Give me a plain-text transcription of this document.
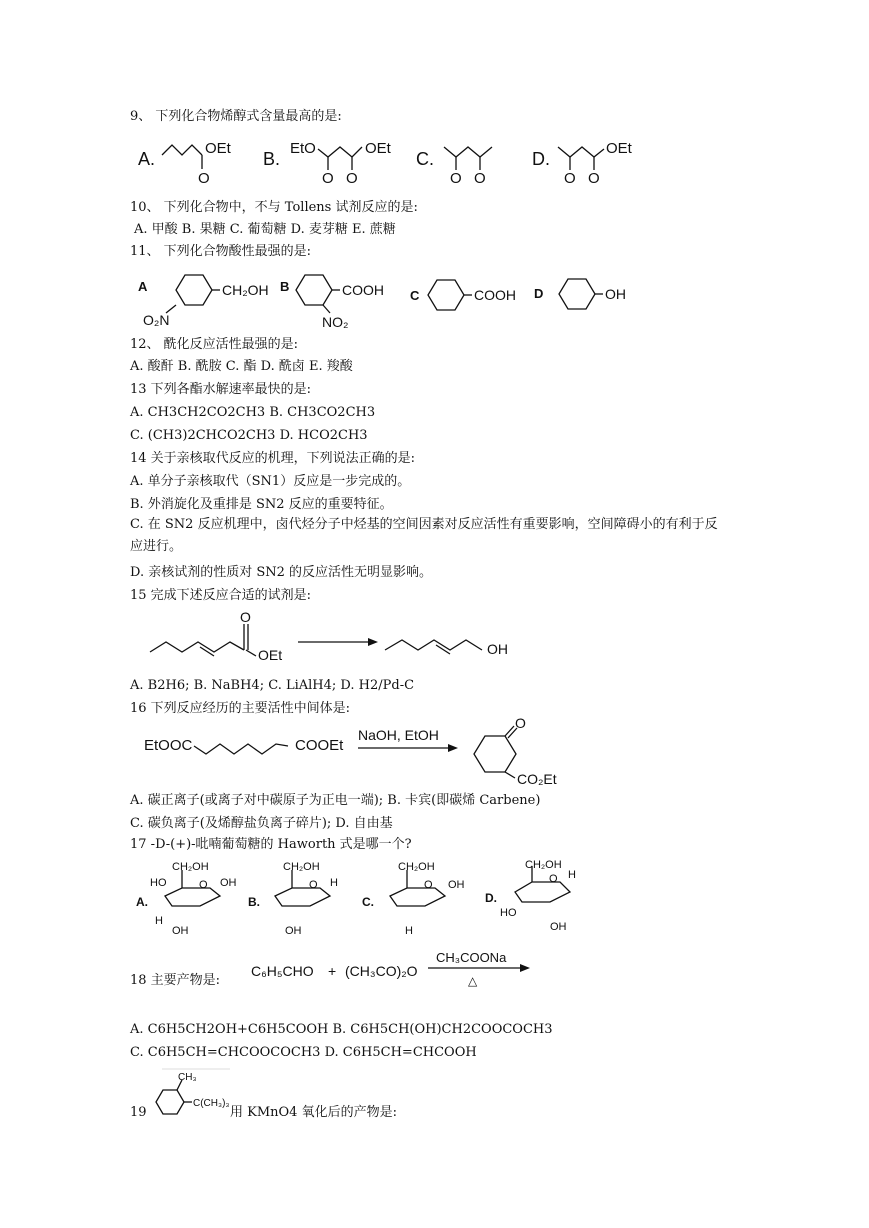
9、 下列化合物烯醇式含量最高的是:
A.
OEt
O
B.
EtO
O O
OEt
C.
O O
D.
O O
OEt
10、 下列化合物中，不与 Tollens 试剂反应的是:
A. 甲酸 B. 果糖 C. 葡萄糖 D. 麦芽糖 E. 蔗糖
11、 下列化合物酸性最强的是:
A	CH₂OH
O₂N
B	COOH
NO₂
C	COOH D	OH
12、 酰化反应活性最强的是:
A. 酸酐 B. 酰胺 C. 酯 D. 酰卤 E. 羧酸
13 下列各酯水解速率最快的是:
A. CH3CH2CO2CH3 B. CH3CO2CH3
C. (CH3)2CHCO2CH3 D. HCO2CH3
14 关于亲核取代反应的机理，下列说法正确的是:
A. 单分子亲核取代（SN1）反应是一步完成的。
B. 外消旋化及重排是 SN2 反应的重要特征。
C. 在 SN2 反应机理中，卤代烃分子中烃基的空间因素对反应活性有重要影响，空间障碍小的有利于反应进行。
D. 亲核试剂的性质对 SN2 的反应活性无明显影响。
15 完成下述反应合适的试剂是:
O
OEt	OH
A. B2H6; B. NaBH4; C. LiAlH4; D. H2/Pd-C
16 下列反应经历的主要活性中间体是:
EtOOC	COOEt
NaOH, EtOH
O
CO₂Et
A. 碳正离子(或离子对中碳原子为正电一端); B. 卡宾(即碳烯 Carbene)
C. 碳负离子(及烯醇盐负离子碎片); D. 自由基
17 -D-(+)-吡喃葡萄糖的 Haworth 式是哪一个?
A.
CH₂OH
O OH
HO
H
OH
B.
CH₂OH
O H
OH
C.
CH₂OH
O OH
H
D.
CH₂OH
O H
HO
OH
18 主要产物是:
C₆H₅CHO + (CH₃CO)₂O
CH₃COONa
△
A. C6H5CH2OH+C6H5COOH B. C6H5CH(OH)CH2COOCOCH3
C. C6H5CH=CHCOOCOCH3 D. C6H5CH=CHCOOH
19
CH₃
C(CH₃)₃
用 KMnO4 氧化后的产物是:
